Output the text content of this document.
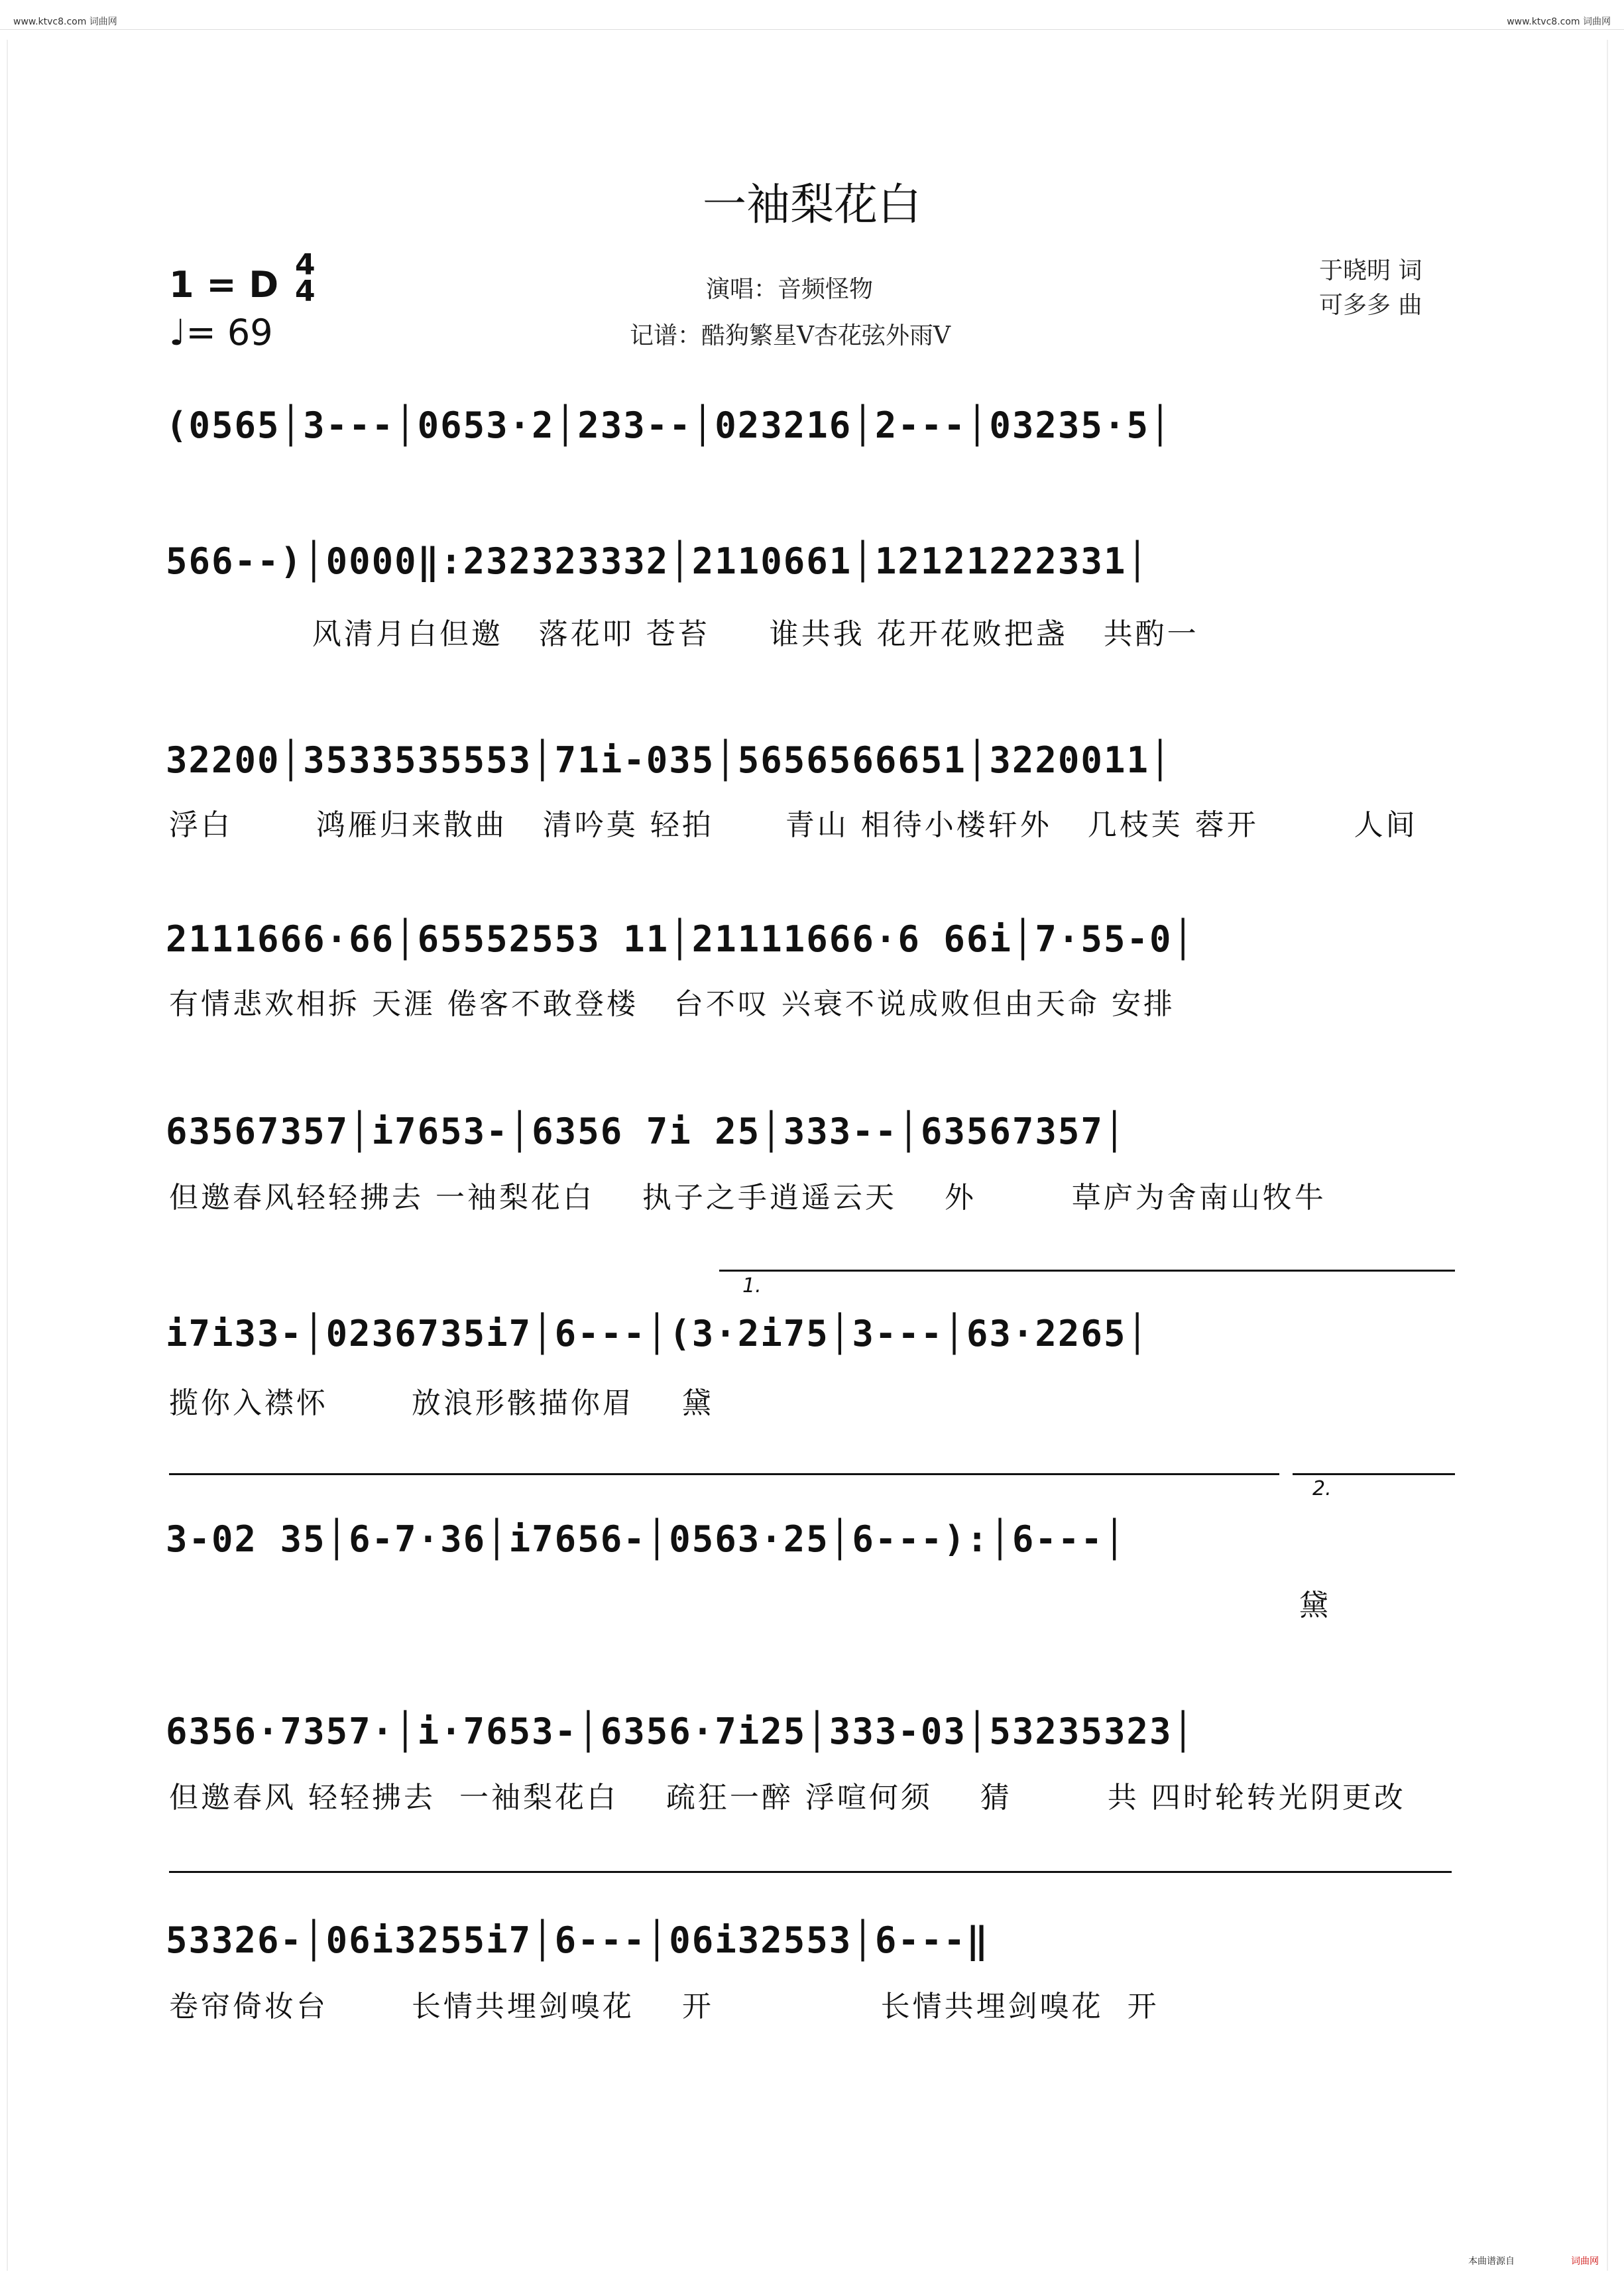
www.ktvc8.com 词曲网	www.ktvc8.com 词曲网
一袖梨花白
1 = D 4
4
♩= 69
演唱：音频怪物
记谱：酷狗繁星V杏花弦外雨V
于晓明 词
可多多 曲
(0565│3---│0653·2│233--│023216│2---│03235·5│
566--)│0000‖:232323332│2110661│12121222331│
风清月白但邀   落花叩 苍苔     谁共我 花开花败把盏   共酌一
32200│3533535553│71i-035│5656566651│3220011│
浮白       鸿雁归来散曲   清吟莫 轻拍      青山 相待小楼轩外   几枝芙 蓉开        人间
2111666·66│65552553 11│21111666·6 66i│7·55-0│
有情悲欢相拆 天涯 倦客不敢登楼   台不叹 兴衰不说成败但由天命 安排
63567357│i7653-│6356 7i 25│333--│63567357│
但邀春风轻轻拂去 一袖梨花白    执子之手逍遥云天    外        草庐为舍南山牧牛
1.
i7i33-│0236735i7│6---│(3·2i75│3---│63·2265│
揽你入襟怀       放浪形骸描你眉    黛
2.
3-02 35│6-7·36│i7656-│0563·25│6---):│6---│
黛
6356·7357·│i·7653-│6356·7i25│333-03│53235323│
但邀春风 轻轻拂去  一袖梨花白    疏狂一醉 浮喧何须    猜        共 四时轮转光阴更改
53326-│06i3255i7│6---│06i32553│6---‖
卷帘倚妆台       长情共埋剑嗅花    开              长情共埋剑嗅花  开
本曲谱源自	词曲网
